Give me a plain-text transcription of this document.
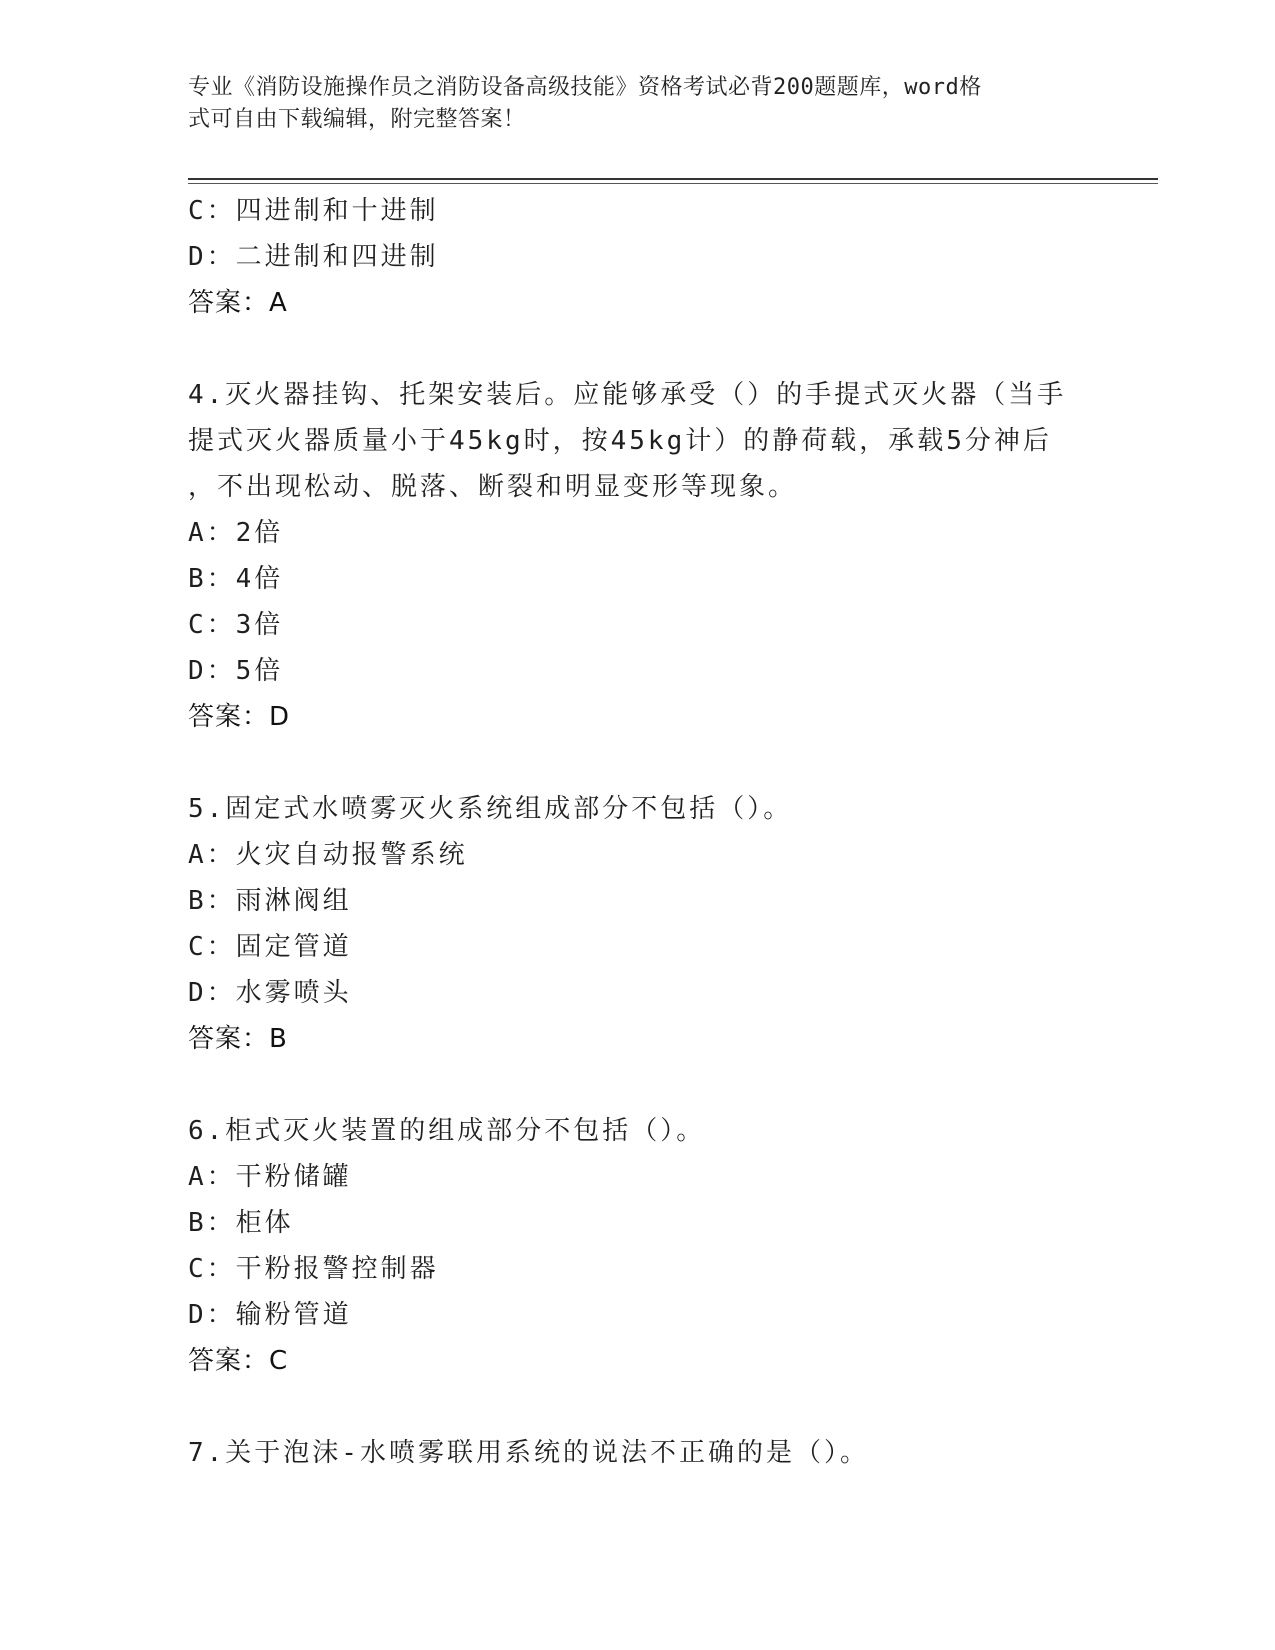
专业《消防设施操作员之消防设备高级技能》资格考试必背200题题库，word格
式可自由下载编辑，附完整答案！
C：四进制和十进制
D：二进制和四进制
答案：A
4.灭火器挂钩、托架安装后。应能够承受（）的手提式灭火器（当手
提式灭火器质量小于45kg时，按45kg计）的静荷载，承载5分神后
，不出现松动、脱落、断裂和明显变形等现象。
A：2倍
B：4倍
C：3倍
D：5倍
答案：D
5.固定式水喷雾灭火系统组成部分不包括（）。
A：火灾自动报警系统
B：雨淋阀组
C：固定管道
D：水雾喷头
答案：B
6.柜式灭火装置的组成部分不包括（）。
A：干粉储罐
B：柜体
C：干粉报警控制器
D：输粉管道
答案：C
7.关于泡沫-水喷雾联用系统的说法不正确的是（）。
